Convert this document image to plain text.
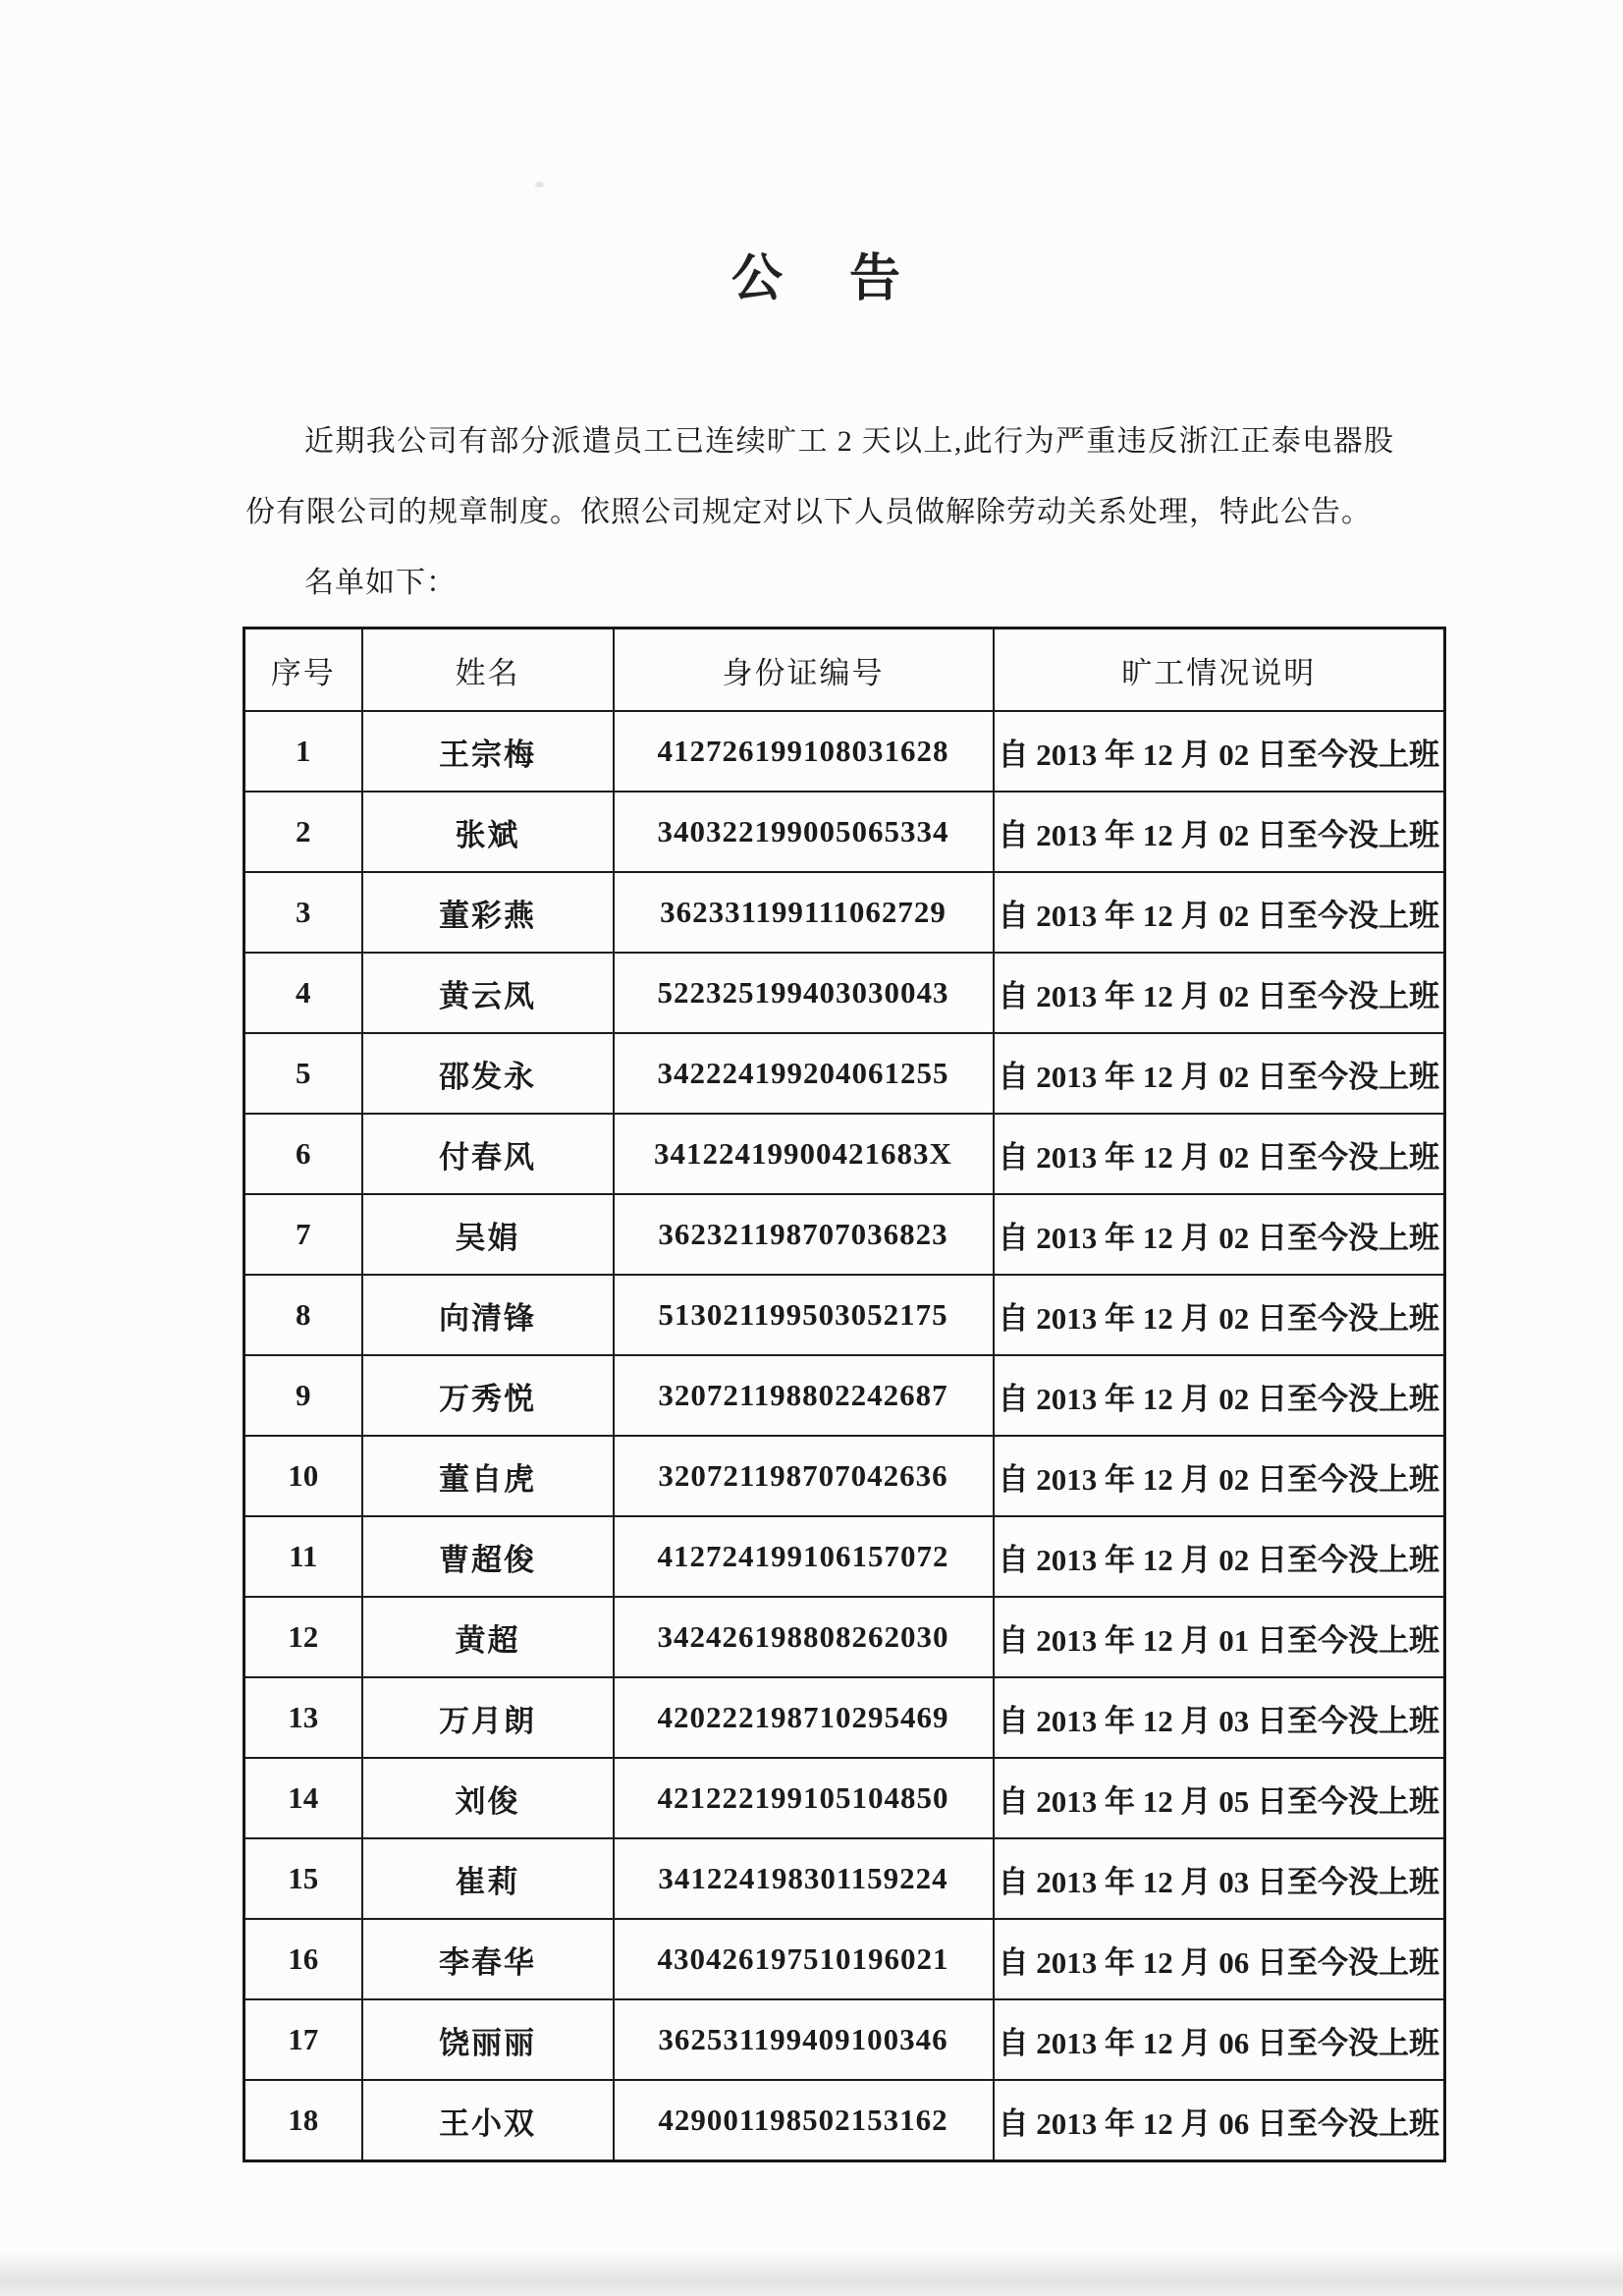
公　告

近期我公司有部分派遣员工已连续旷工 2 天以上,此行为严重违反浙江正泰电器股份有限公司的规章制度。依照公司规定对以下人员做解除劳动关系处理，特此公告。

名单如下：

序号	姓名	身份证编号	旷工情况说明
1	王宗梅	412726199108031628	自 2013 年 12 月 02 日至今没上班
2	张斌	340322199005065334	自 2013 年 12 月 02 日至今没上班
3	董彩燕	362331199111062729	自 2013 年 12 月 02 日至今没上班
4	黄云凤	522325199403030043	自 2013 年 12 月 02 日至今没上班
5	邵发永	342224199204061255	自 2013 年 12 月 02 日至今没上班
6	付春风	34122419900421683X	自 2013 年 12 月 02 日至今没上班
7	吴娟	362321198707036823	自 2013 年 12 月 02 日至今没上班
8	向清锋	513021199503052175	自 2013 年 12 月 02 日至今没上班
9	万秀悦	320721198802242687	自 2013 年 12 月 02 日至今没上班
10	董自虎	320721198707042636	自 2013 年 12 月 02 日至今没上班
11	曹超俊	412724199106157072	自 2013 年 12 月 02 日至今没上班
12	黄超	342426198808262030	自 2013 年 12 月 01 日至今没上班
13	万月朗	420222198710295469	自 2013 年 12 月 03 日至今没上班
14	刘俊	421222199105104850	自 2013 年 12 月 05 日至今没上班
15	崔莉	341224198301159224	自 2013 年 12 月 03 日至今没上班
16	李春华	430426197510196021	自 2013 年 12 月 06 日至今没上班
17	饶丽丽	362531199409100346	自 2013 年 12 月 06 日至今没上班
18	王小双	429001198502153162	自 2013 年 12 月 06 日至今没上班
